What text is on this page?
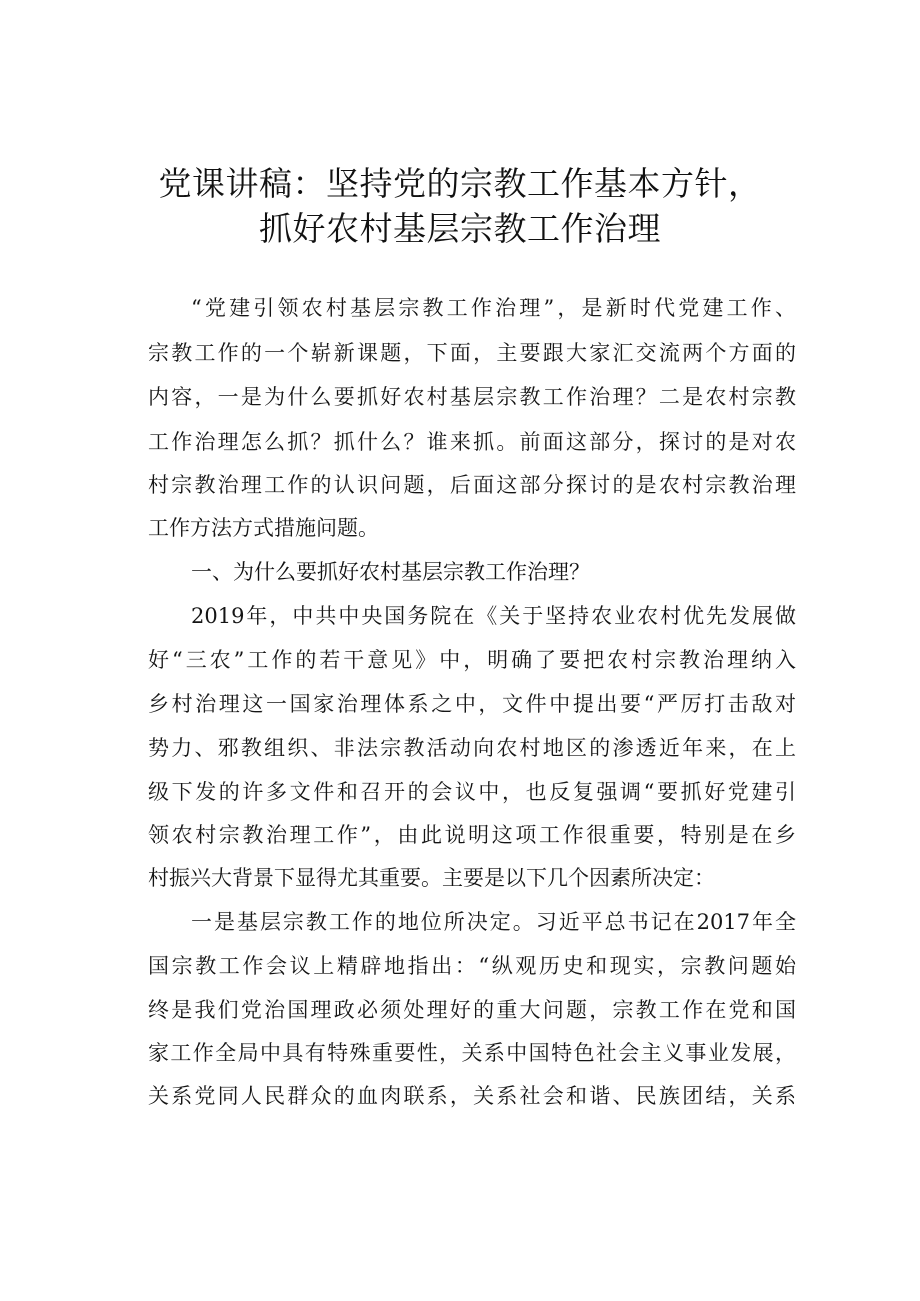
党课讲稿：坚持党的宗教工作基本方针，
抓好农村基层宗教工作治理
“党建引领农村基层宗教工作治理”，是新时代党建工作、
宗教工作的一个崭新课题，下面，主要跟大家汇交流两个方面的
内容，一是为什么要抓好农村基层宗教工作治理？二是农村宗教
工作治理怎么抓？抓什么？谁来抓。前面这部分，探讨的是对农
村宗教治理工作的认识问题，后面这部分探讨的是农村宗教治理
工作方法方式措施问题。
一、为什么要抓好农村基层宗教工作治理？
2019年，中共中央国务院在《关于坚持农业农村优先发展做
好“三农”工作的若干意见》中，明确了要把农村宗教治理纳入
乡村治理这一国家治理体系之中，文件中提出要“严厉打击敌对
势力、邪教组织、非法宗教活动向农村地区的渗透近年来，在上
级下发的许多文件和召开的会议中，也反复强调“要抓好党建引
领农村宗教治理工作”，由此说明这项工作很重要，特别是在乡
村振兴大背景下显得尤其重要。主要是以下几个因素所决定：
一是基层宗教工作的地位所决定。习近平总书记在2017年全
国宗教工作会议上精辟地指出：“纵观历史和现实，宗教问题始
终是我们党治国理政必须处理好的重大问题，宗教工作在党和国
家工作全局中具有特殊重要性，关系中国特色社会主义事业发展，
关系党同人民群众的血肉联系，关系社会和谐、民族团结，关系
